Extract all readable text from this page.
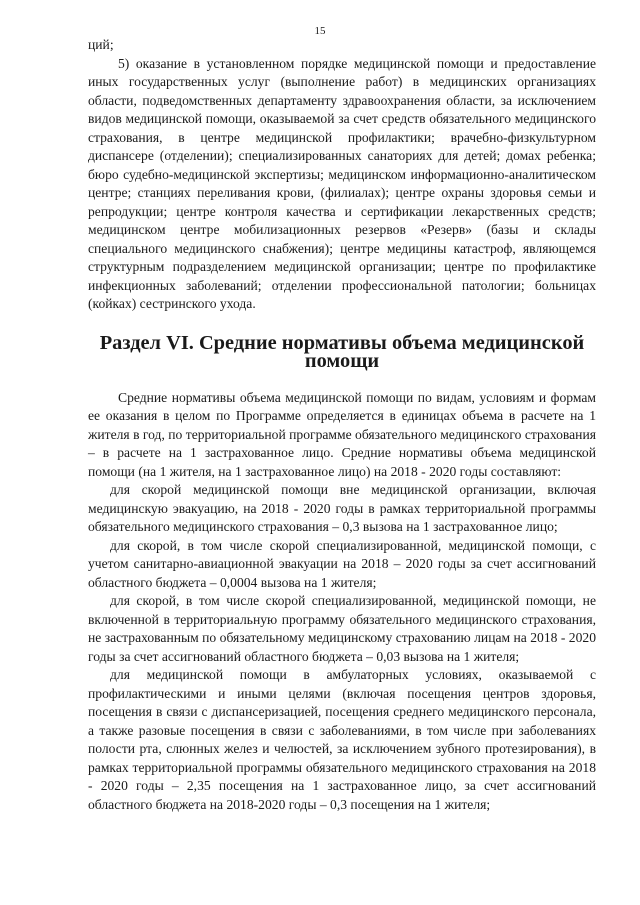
15

ций;

5) оказание в установленном порядке медицинской помощи и предоставление иных государственных услуг (выполнение работ) в медицинских организациях области, подведомственных департаменту здравоохранения области, за исключением видов медицинской помощи, оказываемой за счет средств обязательного медицинского страхования, в центре медицинской профилактики; врачебно-физкультурном диспансере (отделении); специализированных санаториях для детей; домах ребенка; бюро судебно-медицинской экспертизы; медицинском информационно-аналитическом центре; станциях переливания крови, (филиалах); центре охраны здоровья семьи и репродукции; центре контроля качества и сертификации лекарственных средств; медицинском центре мобилизационных резервов «Резерв» (базы и склады специального медицинского снабжения); центре медицины катастроф, являющемся структурным подразделением медицинской организации; центре по профилактике инфекционных заболеваний; отделении профессиональной патологии; больницах (койках) сестринского ухода.

Раздел VI. Средние нормативы объема медицинской помощи

Средние нормативы объема медицинской помощи по видам, условиям и формам ее оказания в целом по Программе определяется в единицах объема в расчете на 1 жителя в год, по территориальной программе обязательного медицинского страхования – в расчете на 1 застрахованное лицо. Средние нормативы объема медицинской помощи (на 1 жителя, на 1 застрахованное лицо) на 2018 - 2020 годы составляют:

для скорой медицинской помощи вне медицинской организации, включая медицинскую эвакуацию, на 2018 - 2020 годы в рамках территориальной программы обязательного медицинского страхования – 0,3 вызова на 1 застрахованное лицо;

для скорой, в том числе скорой специализированной, медицинской помощи, с учетом санитарно-авиационной эвакуации на 2018 – 2020 годы за счет ассигнований областного бюджета – 0,0004 вызова на 1 жителя;

для скорой, в том числе скорой специализированной, медицинской помощи, не включенной в территориальную программу обязательного медицинского страхования, не застрахованным по обязательному медицинскому страхованию лицам на 2018 - 2020 годы за счет ассигнований областного бюджета – 0,03 вызова на 1 жителя;

для медицинской помощи в амбулаторных условиях, оказываемой с профилактическими и иными целями (включая посещения центров здоровья, посещения в связи с диспансеризацией, посещения среднего медицинского персонала, а также разовые посещения в связи с заболеваниями, в том числе при заболеваниях полости рта, слюнных желез и челюстей, за исключением зубного протезирования), в рамках территориальной программы обязательного медицинского страхования на 2018 - 2020 годы – 2,35 посещения на 1 застрахованное лицо, за счет ассигнований областного бюджета на 2018-2020 годы – 0,3 посещения на 1 жителя;
